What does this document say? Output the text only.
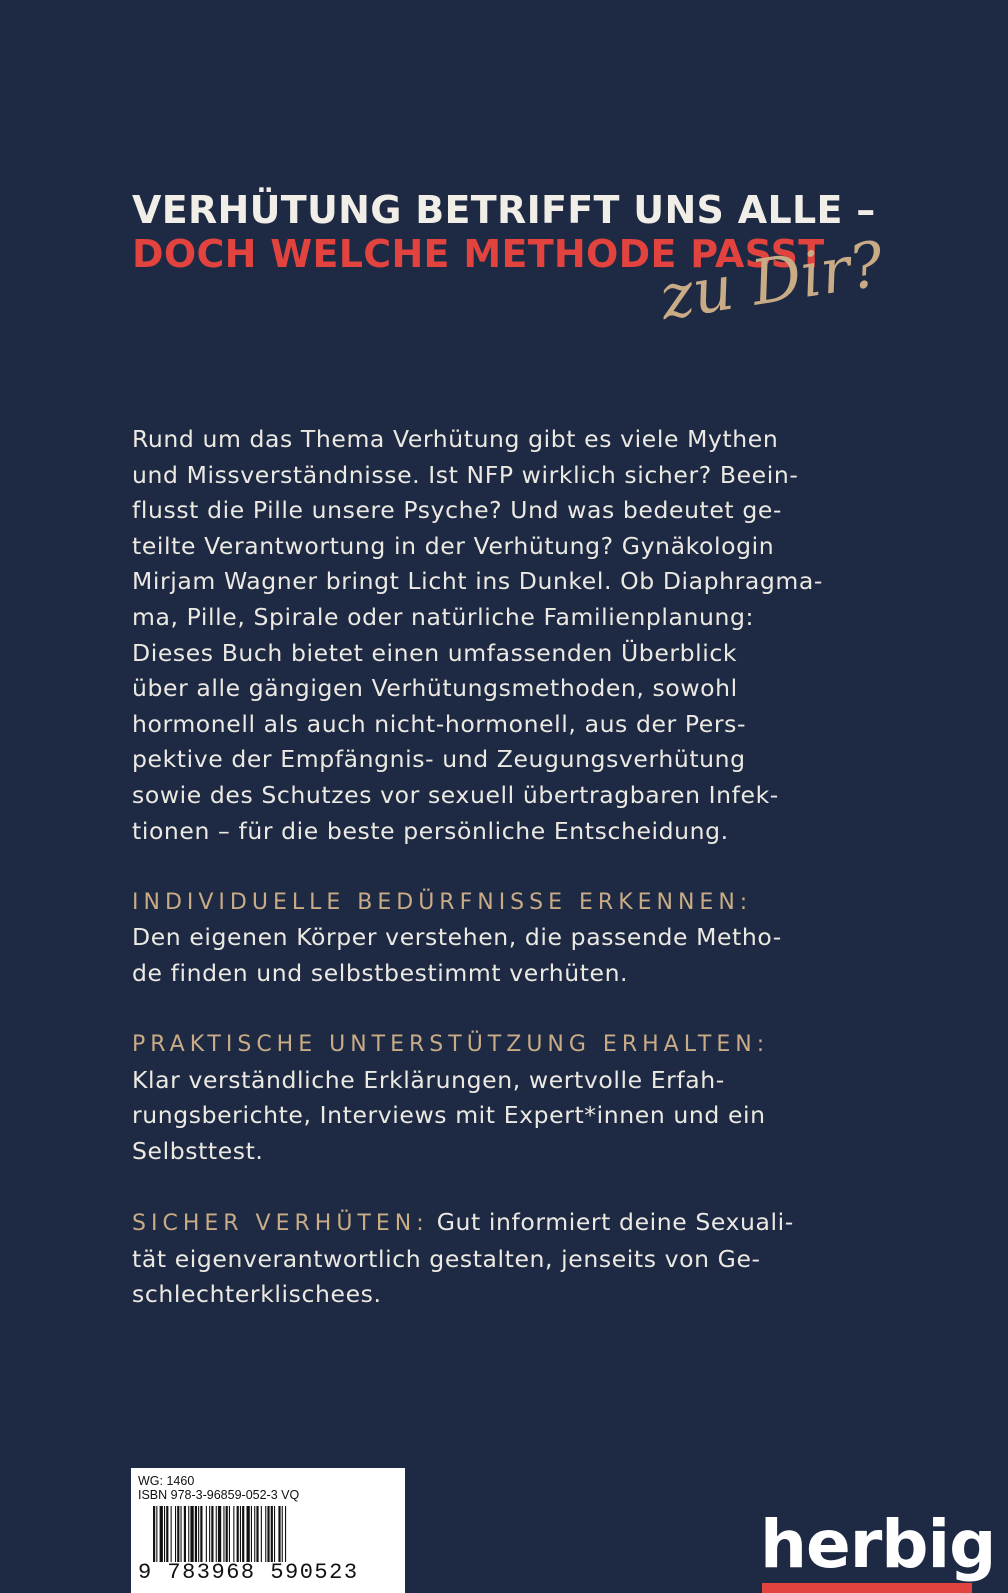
VERHÜTUNG BETRIFFT UNS ALLE –
DOCH WELCHE METHODE PASST
zu Dir?

Rund um das Thema Verhütung gibt es viele Mythen
und Missverständnisse. Ist NFP wirklich sicher? Beein-
flusst die Pille unsere Psyche? Und was bedeutet ge-
teilte Verantwortung in der Verhütung? Gynäkologin
Mirjam Wagner bringt Licht ins Dunkel. Ob Diaphragma-
ma, Pille, Spirale oder natürliche Familienplanung:
Dieses Buch bietet einen umfassenden Überblick
über alle gängigen Verhütungsmethoden, sowohl
hormonell als auch nicht-hormonell, aus der Pers-
pektive der Empfängnis- und Zeugungsverhütung
sowie des Schutzes vor sexuell übertragbaren Infek-
tionen – für die beste persönliche Entscheidung.

INDIVIDUELLE BEDÜRFNISSE ERKENNEN:
Den eigenen Körper verstehen, die passende Metho-
de finden und selbstbestimmt verhüten.

PRAKTISCHE UNTERSTÜTZUNG ERHALTEN:
Klar verständliche Erklärungen, wertvolle Erfah-
rungsberichte, Interviews mit Expert*innen und ein
Selbsttest.

SICHER VERHÜTEN: Gut informiert deine Sexuali-
tät eigenverantwortlich gestalten, jenseits von Ge-
schlechterklischees.

WG: 1460
ISBN 978-3-96859-052-3 VQ
9 783968 590523	herbig
